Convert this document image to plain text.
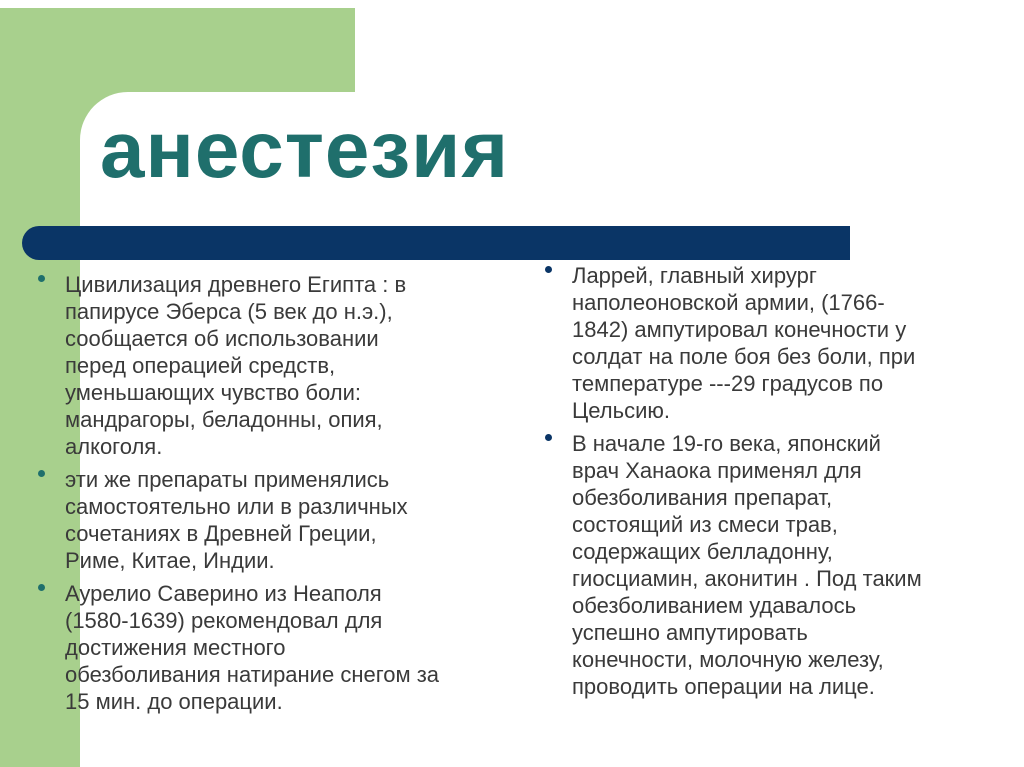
анестезия
Цивилизация древнего Египта : в
папирусе Эберса (5 век до н.э.),
сообщается об использовании
перед операцией средств,
уменьшающих чувство боли:
мандрагоры, беладонны, опия,
алкоголя.
эти же препараты применялись
самостоятельно или в различных
сочетаниях в Древней Греции,
Риме, Китае, Индии.
Аурелио Саверино из Неаполя
(1580-1639) рекомендовал для
достижения местного
обезболивания натирание снегом за
15 мин. до операции.
Ларрей, главный хирург
наполеоновской армии, (1766-
1842) ампутировал конечности у
солдат на поле боя без боли, при
температуре ---29 градусов по
Цельсию.
В начале 19-го века, японский
врач Ханаока применял для
обезболивания препарат,
состоящий из смеси трав,
содержащих белладонну,
гиосциамин, аконитин . Под таким
обезболиванием удавалось
успешно ампутировать
конечности, молочную железу,
проводить операции на лице.
